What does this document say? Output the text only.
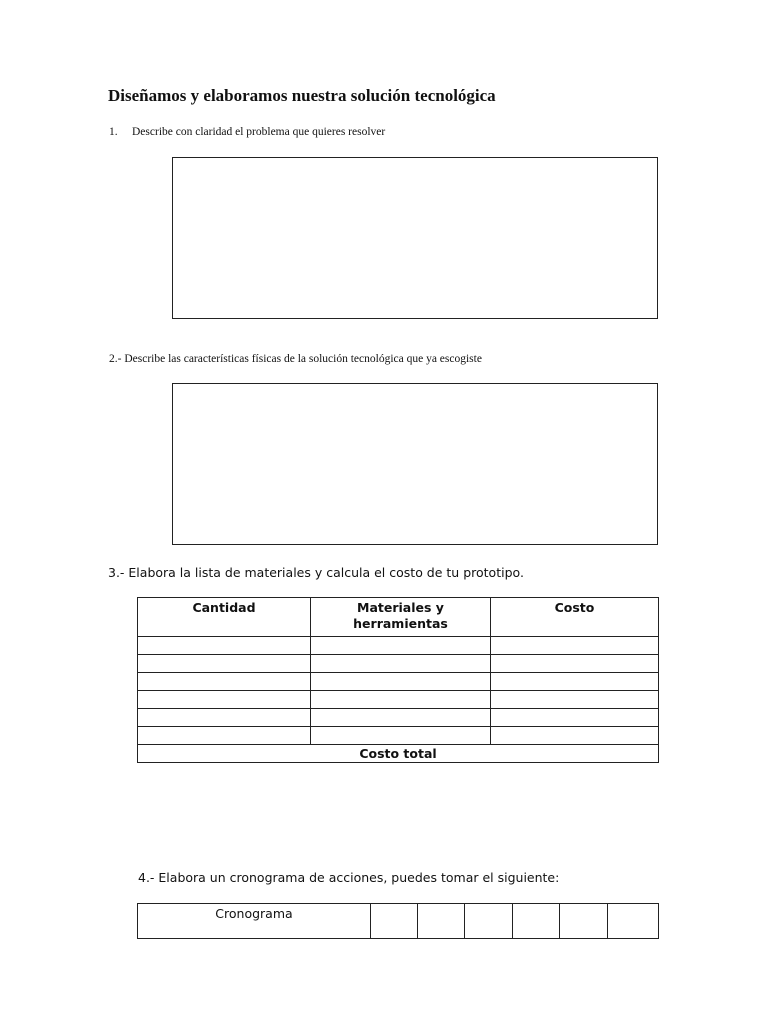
Diseñamos y elaboramos nuestra solución tecnológica
1. Describe con claridad el problema que quieres resolver
2.- Describe las características físicas de la solución tecnológica que ya escogiste
3.- Elabora la lista de materiales y calcula el costo de tu prototipo.
Cantidad	Materiales y herramientas	Costo

Costo total		
4.- Elabora un cronograma de acciones, puedes tomar el siguiente:
Cronograma						
